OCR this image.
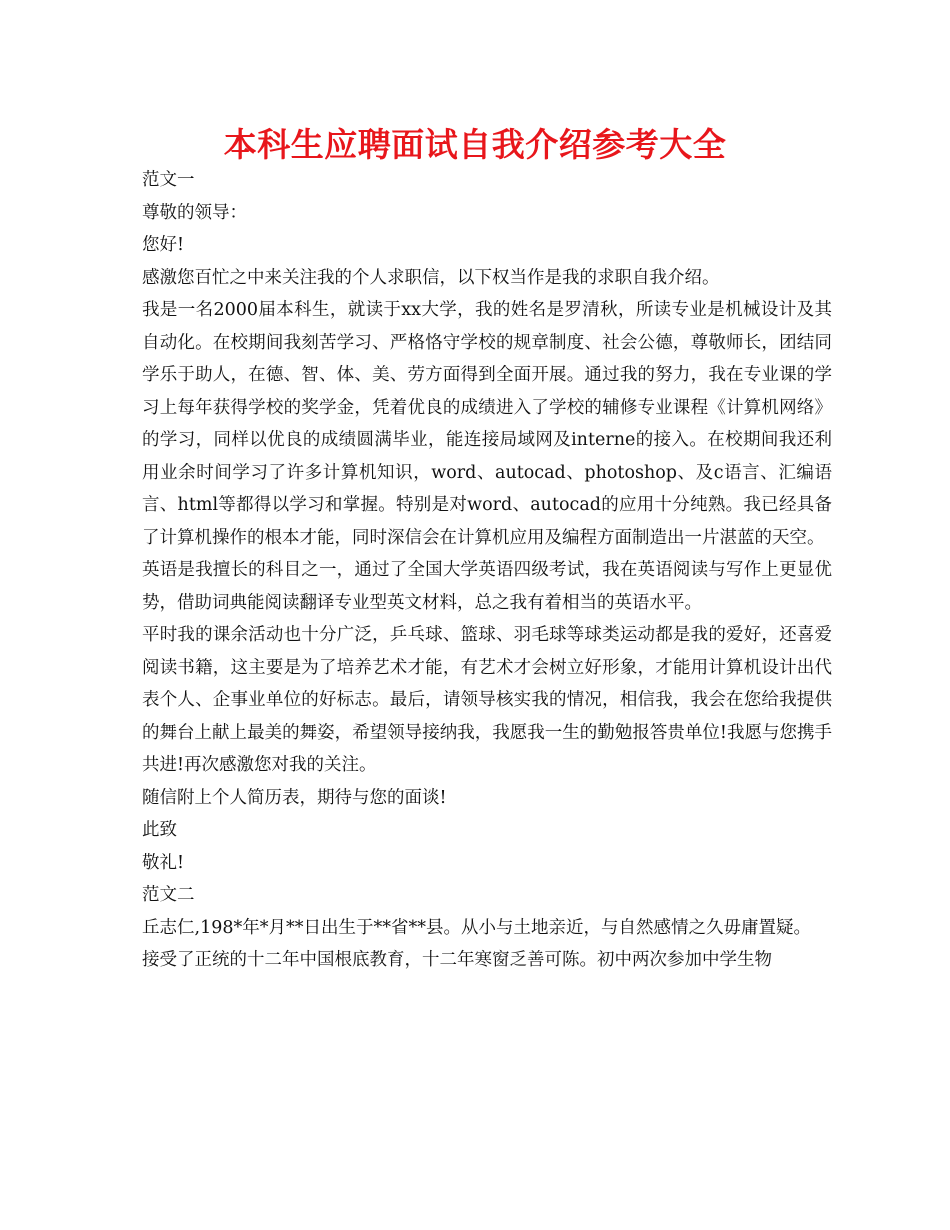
本科生应聘面试自我介绍参考大全

范文一

尊敬的领导：

您好!

感激您百忙之中来关注我的个人求职信，以下权当作是我的求职自我介绍。

我是一名2000届本科生，就读于xx大学，我的姓名是罗清秋，所读专业是机械设计及其自动化。在校期间我刻苦学习、严格恪守学校的规章制度、社会公德，尊敬师长，团结同学乐于助人，在德、智、体、美、劳方面得到全面开展。通过我的努力，我在专业课的学习上每年获得学校的奖学金，凭着优良的成绩进入了学校的辅修专业课程《计算机网络》的学习，同样以优良的成绩圆满毕业，能连接局域网及interne的接入。在校期间我还利用业余时间学习了许多计算机知识，word、autocad、photoshop、及c语言、汇编语言、html等都得以学习和掌握。特别是对word、autocad的应用十分纯熟。我已经具备了计算机操作的根本才能，同时深信会在计算机应用及编程方面制造出一片湛蓝的天空。

英语是我擅长的科目之一，通过了全国大学英语四级考试，我在英语阅读与写作上更显优势，借助词典能阅读翻译专业型英文材料，总之我有着相当的英语水平。

平时我的课余活动也十分广泛，乒乓球、篮球、羽毛球等球类运动都是我的爱好，还喜爱阅读书籍，这主要是为了培养艺术才能，有艺术才会树立好形象，才能用计算机设计出代表个人、企事业单位的好标志。最后，请领导核实我的情况，相信我，我会在您给我提供的舞台上献上最美的舞姿，希望领导接纳我，我愿我一生的勤勉报答贵单位!我愿与您携手共进!再次感激您对我的关注。

随信附上个人简历表，期待与您的面谈!

此致

敬礼!

范文二

丘志仁,198*年*月**日出生于**省**县。从小与土地亲近，与自然感情之久毋庸置疑。

接受了正统的十二年中国根底教育，十二年寒窗乏善可陈。初中两次参加中学生物
